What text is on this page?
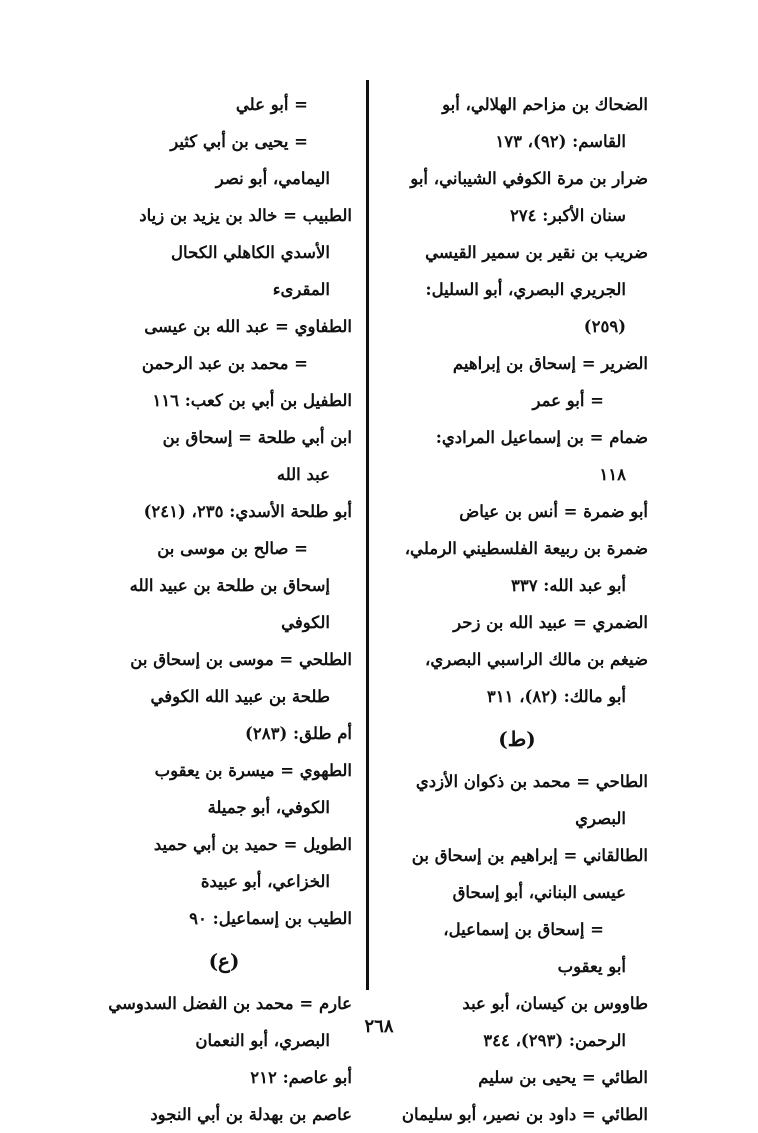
الضحاك بن مزاحم الهلالي، أبو
القاسم: (٩٢)، ١٧٣
ضرار بن مرة الكوفي الشيباني، أبو
سنان الأكبر: ٢٧٤
ضريب بن نقير بن سمير القيسي
الجريري البصري، أبو السليل:
(٢٥٩)
الضرير = إسحاق بن إبراهيم
= أبو عمر
ضمام = بن إسماعيل المرادي:
١١٨
أبو ضمرة = أنس بن عياض
ضمرة بن ربيعة الفلسطيني الرملي،
أبو عبد الله: ٣٣٧
الضمري = عبيد الله بن زحر
ضيغم بن مالك الراسبي البصري،
أبو مالك: (٨٢)، ٣١١
(ط)
الطاحي = محمد بن ذكوان الأزدي
البصري
الطالقاني = إبراهيم بن إسحاق بن
عيسى البناني، أبو إسحاق
= إسحاق بن إسماعيل،
أبو يعقوب
طاووس بن كيسان، أبو عبد
الرحمن: (٢٩٣)، ٣٤٤
الطائي = يحيى بن سليم
الطائي = داود بن نصير، أبو سليمان
= أبو علي
= يحيى بن أبي كثير
اليمامي، أبو نصر
الطبيب = خالد بن يزيد بن زياد
الأسدي الكاهلي الكحال
المقرىء
الطفاوي = عبد الله بن عيسى
= محمد بن عبد الرحمن
الطفيل بن أبي بن كعب: ١١٦
ابن أبي طلحة = إسحاق بن
عبد الله
أبو طلحة الأسدي: ٢٣٥، (٢٤١)
= صالح بن موسى بن
إسحاق بن طلحة بن عبيد الله
الكوفي
الطلحي = موسى بن إسحاق بن
طلحة بن عبيد الله الكوفي
أم طلق: (٢٨٣)
الطهوي = ميسرة بن يعقوب
الكوفي، أبو جميلة
الطويل = حميد بن أبي حميد
الخزاعي، أبو عبيدة
الطيب بن إسماعيل: ٩٠
(ع)
عارم = محمد بن الفضل السدوسي
البصري، أبو النعمان
أبو عاصم: ٢١٢
عاصم بن بهدلة بن أبي النجود
٢٦٨
